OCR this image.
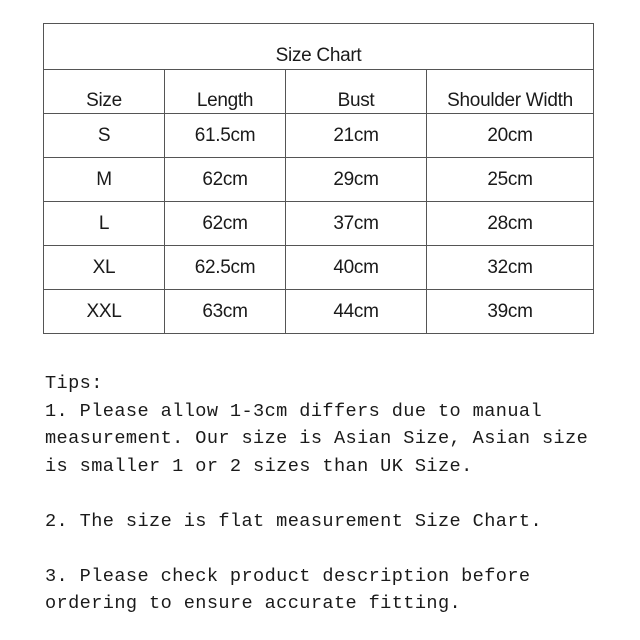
Size Chart			
Size	Length	Bust	Shoulder Width
S	61.5cm	21cm	20cm
M	62cm	29cm	25cm
L	62cm	37cm	28cm
XL	62.5cm	40cm	32cm
XXL	63cm	44cm	39cm

Tips:

1. Please allow 1-3cm differs due to manual

measurement. Our size is Asian Size, Asian size

is smaller 1 or 2 sizes than UK Size.

2. The size is flat measurement Size Chart.

3. Please check product description before

ordering to ensure accurate fitting.
